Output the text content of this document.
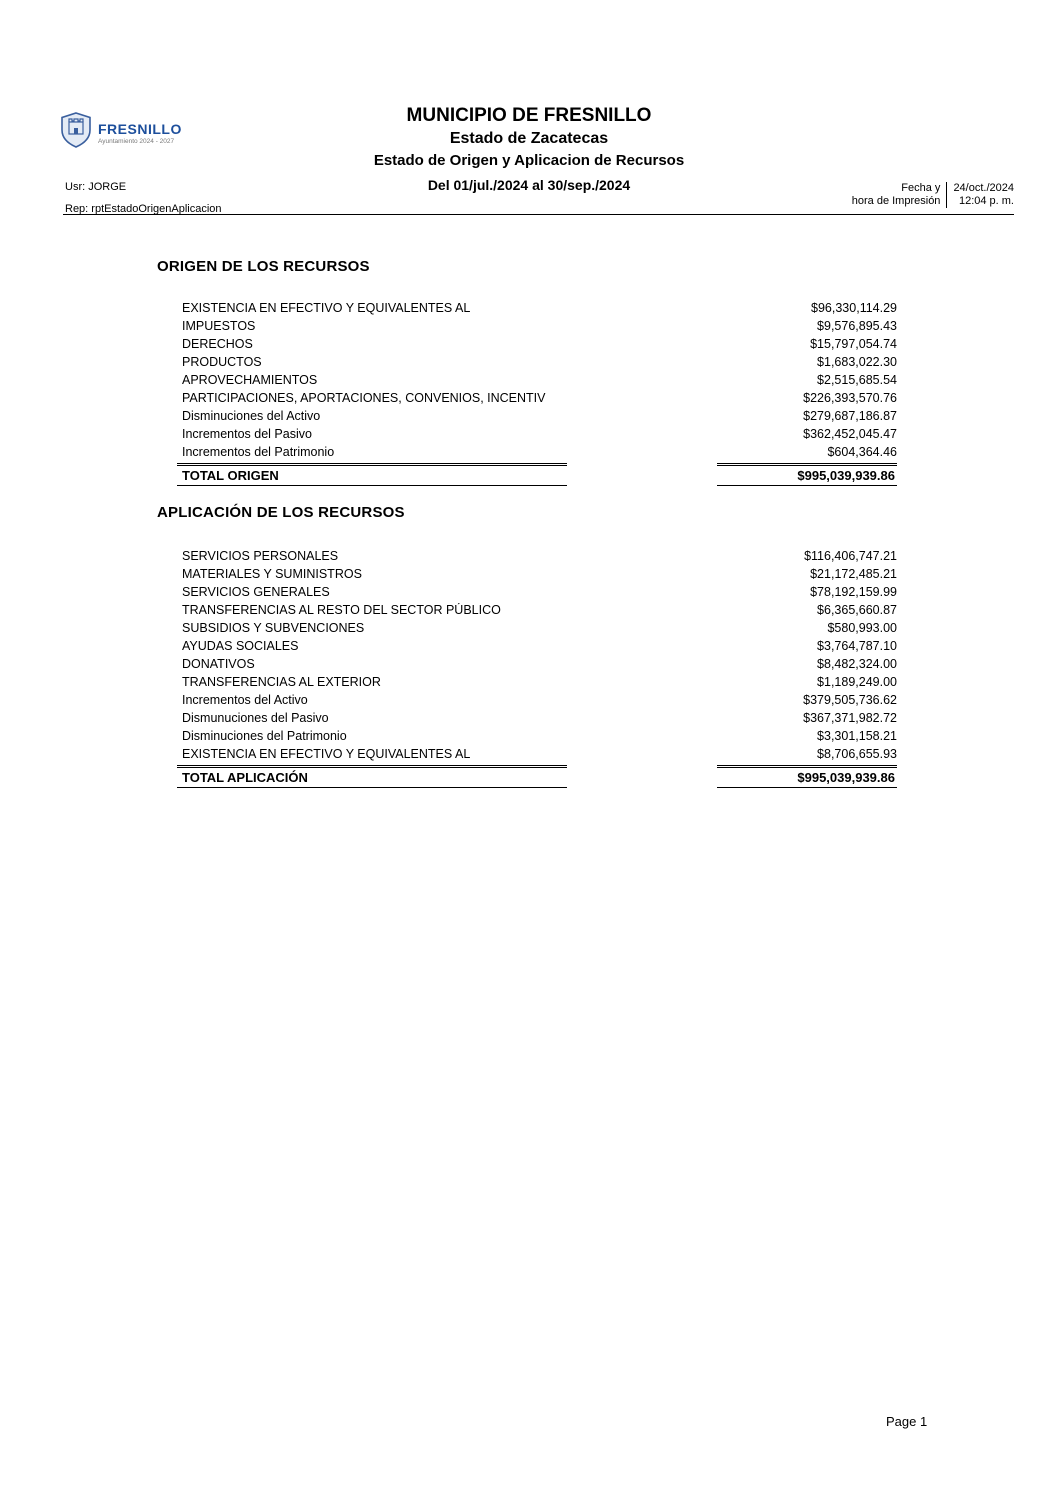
FRESNILLO
Ayuntamiento 2024 - 2027
MUNICIPIO DE FRESNILLO
Estado de Zacatecas
Estado de Origen y Aplicacion de Recursos
Del 01/jul./2024 al 30/sep./2024
Usr: JORGE
Rep: rptEstadoOrigenAplicacion
Fecha y
hora de Impresión
24/oct./2024
12:04 p. m.
ORIGEN DE LOS RECURSOS
EXISTENCIA EN EFECTIVO Y EQUIVALENTES AL	$96,330,114.29
IMPUESTOS	$9,576,895.43
DERECHOS	$15,797,054.74
PRODUCTOS	$1,683,022.30
APROVECHAMIENTOS	$2,515,685.54
PARTICIPACIONES, APORTACIONES, CONVENIOS, INCENTIV	$226,393,570.76
Disminuciones del Activo	$279,687,186.87
Incrementos del Pasivo	$362,452,045.47
Incrementos del Patrimonio	$604,364.46
TOTAL ORIGEN	$995,039,939.86
APLICACIÓN DE LOS RECURSOS
SERVICIOS PERSONALES	$116,406,747.21
MATERIALES Y SUMINISTROS	$21,172,485.21
SERVICIOS GENERALES	$78,192,159.99
TRANSFERENCIAS AL RESTO DEL SECTOR PÚBLICO	$6,365,660.87
SUBSIDIOS Y SUBVENCIONES	$580,993.00
AYUDAS SOCIALES	$3,764,787.10
DONATIVOS	$8,482,324.00
TRANSFERENCIAS AL EXTERIOR	$1,189,249.00
Incrementos del Activo	$379,505,736.62
Dismunuciones del Pasivo	$367,371,982.72
Disminuciones del Patrimonio	$3,301,158.21
EXISTENCIA EN EFECTIVO Y EQUIVALENTES AL	$8,706,655.93
TOTAL APLICACIÓN	$995,039,939.86
Page 1
